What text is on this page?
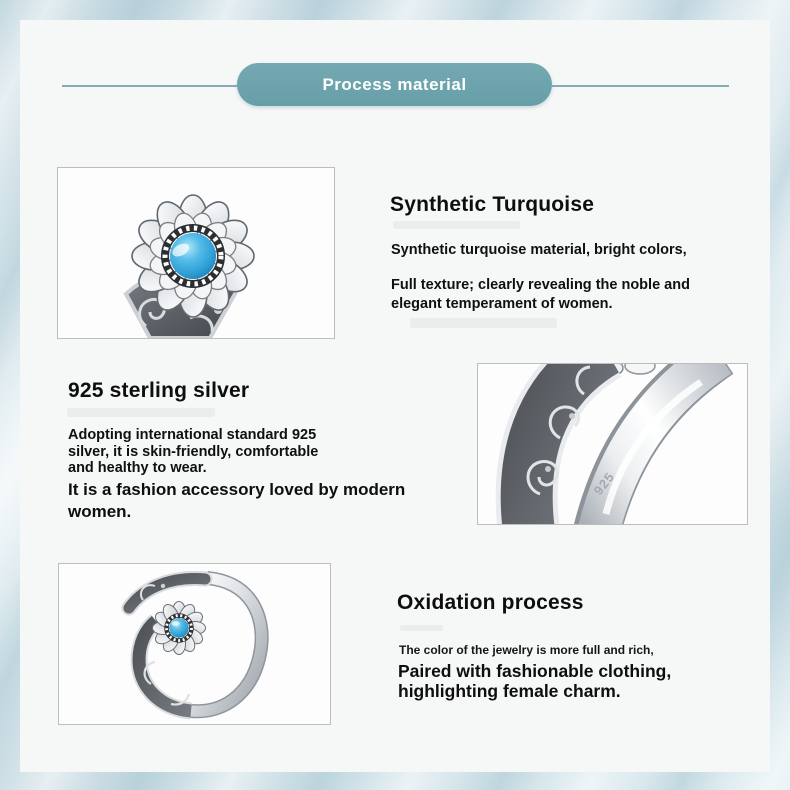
Process material
Synthetic Turquoise
Synthetic turquoise material, bright colors,
Full texture; clearly revealing the noble and
elegant temperament of women.
925 sterling silver
Adopting international standard 925
silver, it is skin-friendly, comfortable
and healthy to wear.
It is a fashion accessory loved by modern
women.
925
Oxidation process
The color of the jewelry is more full and rich,
Paired with fashionable clothing,
highlighting female charm.
